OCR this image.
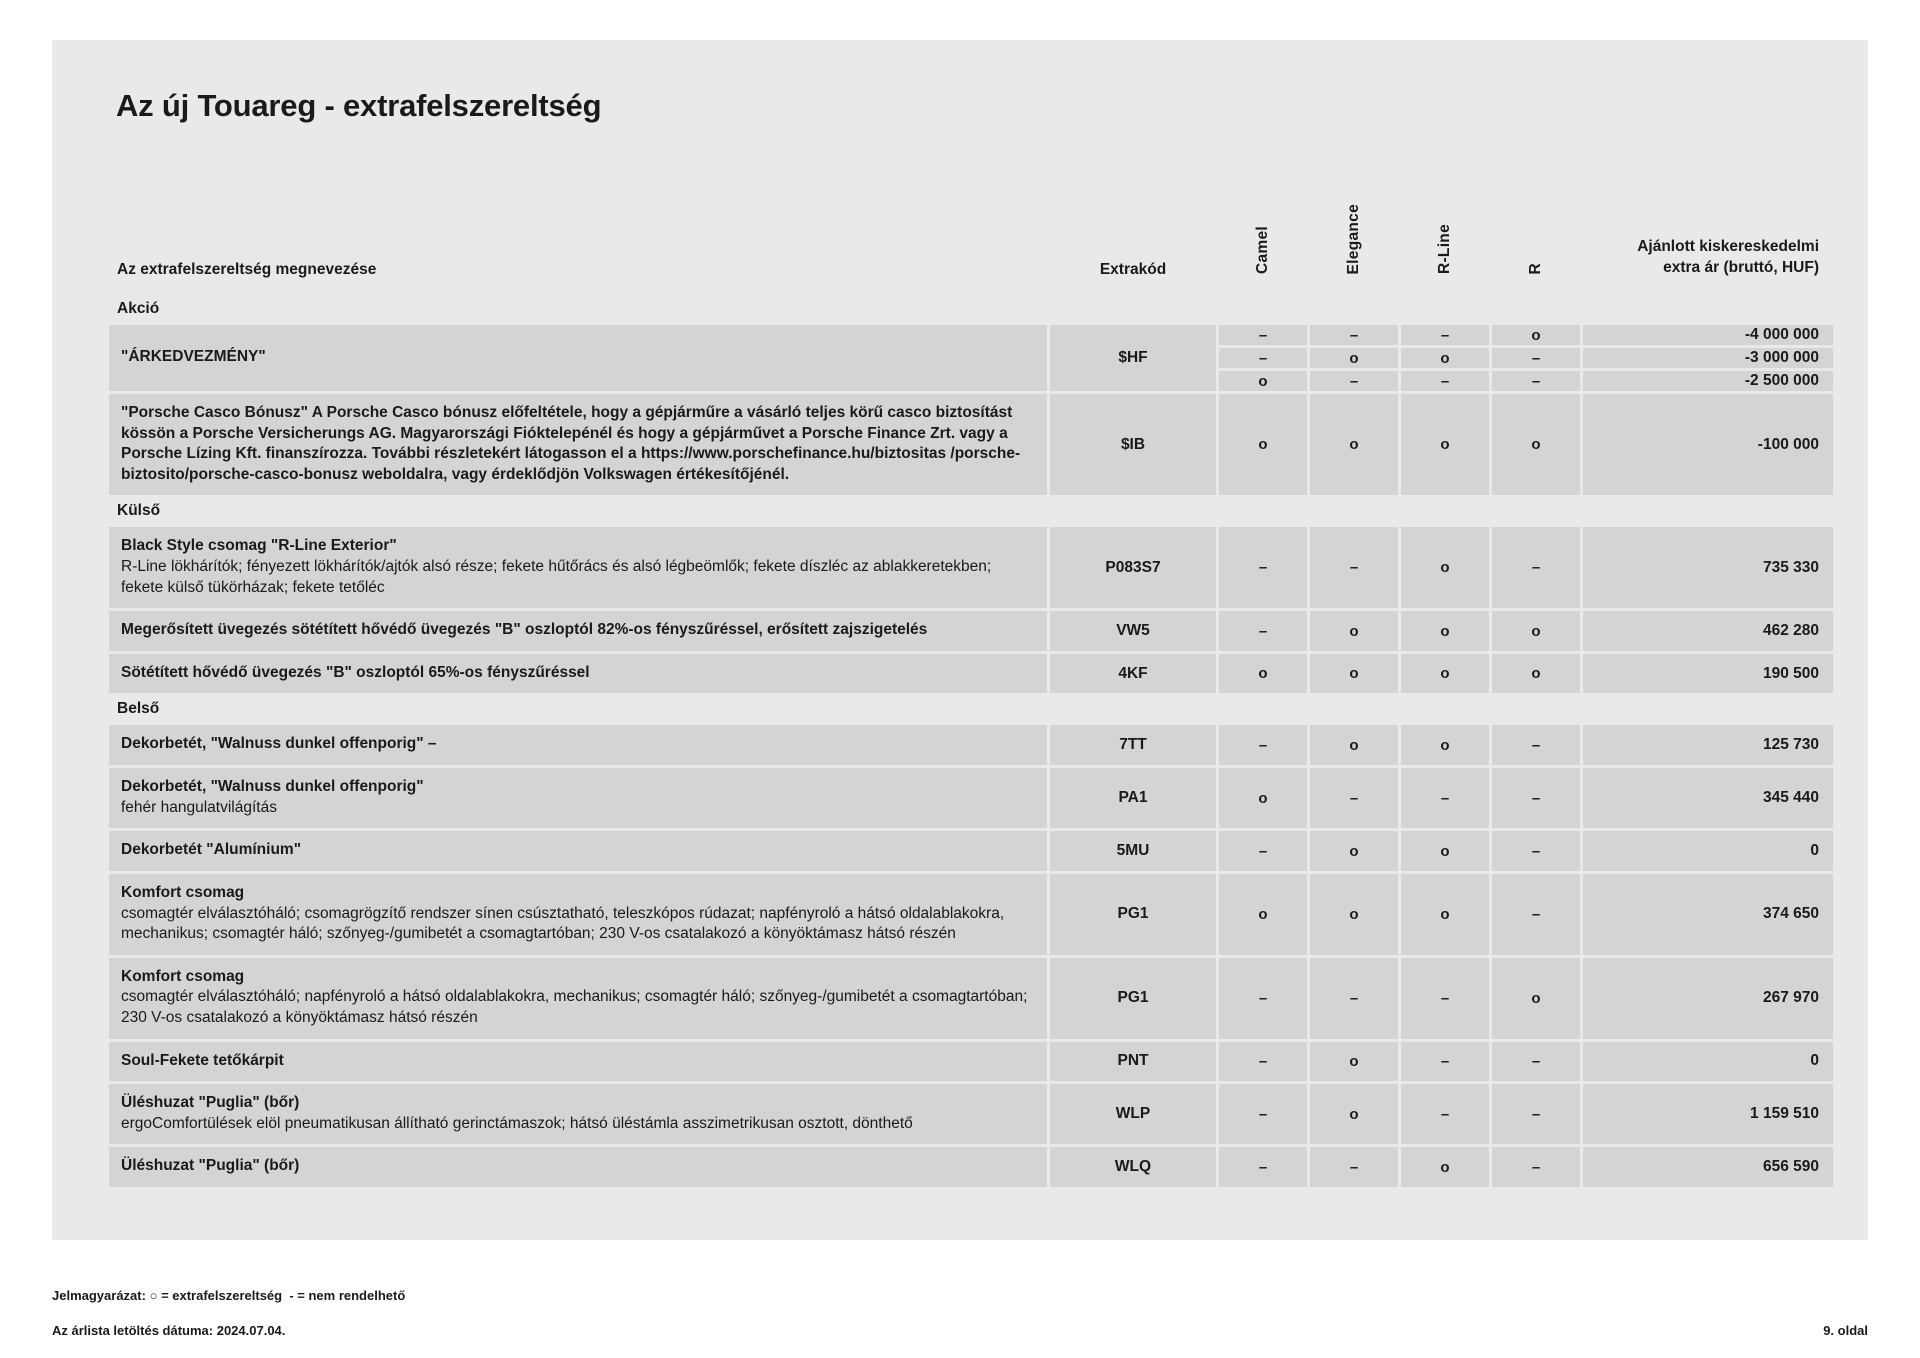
Az új Touareg - extrafelszereltség
Az extrafelszereltség megnevezése	Extrakód	Camel	Elegance	R-Line	R	Ajánlott kiskereskedelmi
extra ár (bruttó, HUF)
Akció						

"ÁRKEDVEZMÉNY"	$HF	–	–	–	o	-4 000 000
		–	o	o	–	-3 000 000
		o	–	–	–	-2 500 000
"Porsche Casco Bónusz" A Porsche Casco bónusz előfeltétele, hogy a gépjárműre a vásárló teljes körű casco biztosítást kössön a Porsche Versicherungs AG. Magyarországi Fióktelepénél és hogy a gépjárművet a Porsche Finance Zrt. vagy a Porsche Lízing Kft. finanszírozza. További részletekért látogasson el a https://www.porschefinance.hu/biztositas /porsche-biztosito/porsche-casco-bonusz weboldalra, vagy érdeklődjön Volkswagen értékesítőjénél.	$IB	o	o	o	o	-100 000
Külső						

Black Style csomag "R-Line Exterior"
R-Line lökhárítók; fényezett lökhárítók/ajtók alsó része; fekete hűtőrács és alsó légbeömlők; fekete díszléc az ablakkeretekben; fekete külső tükörházak; fekete tetőléc	P083S7	–	–	o	–	735 330
Megerősített üvegezés sötétített hővédő üvegezés "B" oszloptól 82%-os fényszűréssel, erősített zajszigetelés	VW5	–	o	o	o	462 280
Sötétített hővédő üvegezés "B" oszloptól 65%-os fényszűréssel	4KF	o	o	o	o	190 500
Belső						
Dekorbetét, "Walnuss dunkel offenporig" –	7TT	–	o	o	–	125 730

Dekorbetét, "Walnuss dunkel offenporig"
fehér hangulatvilágítás	PA1	o	–	–	–	345 440
Dekorbetét "Alumínium"	5MU	–	o	o	–	0

Komfort csomag
csomagtér elválasztóháló; csomagrögzítő rendszer sínen csúsztatható, teleszkópos rúdazat; napfényroló a hátsó oldalablakokra, mechanikus; csomagtér háló; szőnyeg-/gumibetét a csomagtartóban; 230 V-os csatalakozó a könyöktámasz hátsó részén	PG1	o	o	o	–	374 650

Komfort csomag
csomagtér elválasztóháló; napfényroló a hátsó oldalablakokra, mechanikus; csomagtér háló; szőnyeg-/gumibetét a csomagtartóban; 230 V-os csatalakozó a könyöktámasz hátsó részén	PG1	–	–	–	o	267 970
Soul-Fekete tetőkárpit	PNT	–	o	–	–	0

Üléshuzat "Puglia" (bőr)
ergoComfortülések elöl pneumatikusan állítható gerinctámaszok; hátsó üléstámla asszimetrikusan osztott, dönthető	WLP	–	o	–	–	1 159 510
Üléshuzat "Puglia" (bőr)	WLQ	–	–	o	–	656 590
Jelmagyarázat: ○ = extrafelszereltség - = nem rendelhető
Az árlista letöltés dátuma: 2024.07.04.	9. oldal
